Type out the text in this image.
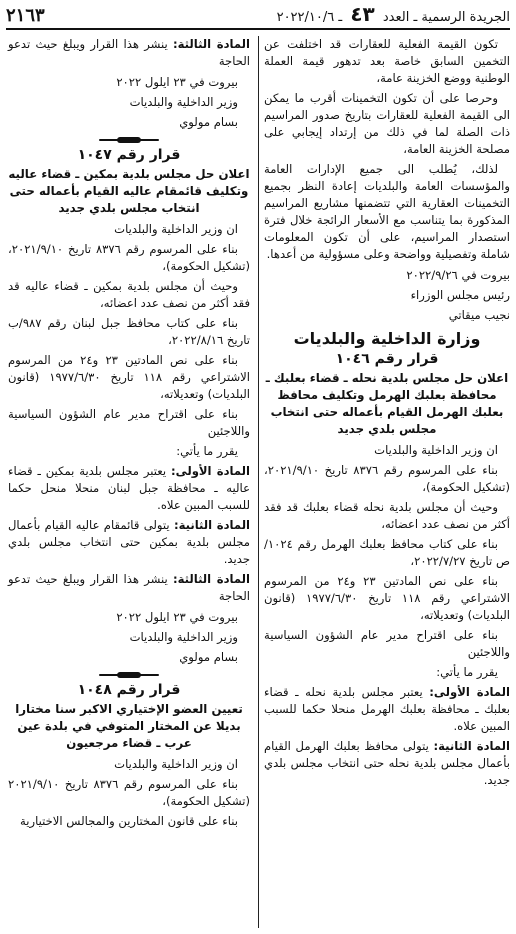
الجريدة الرسمية ـ العدد ٤٣ ـ ٢٠٢٢/١٠/٦
٢١٦٣

تكون القيمة الفعلية للعقارات قد اختلفت عن التخمين السابق خاصة بعد تدهور قيمة العملة الوطنية ووضع الخزينة عامة،

وحرصا على أن تكون التخمينات أقرب ما يمكن الى القيمة الفعلية للعقارات بتاريخ صدور المراسيم ذات الصلة لما في ذلك من إرتداد إيجابي على مصلحة الخزينة العامة،

لذلك، يُطلب الى جميع الإدارات العامة والمؤسسات العامة والبلديات إعادة النظر بجميع التخمينات العقارية التي تتضمنها مشاريع المراسيم المذكورة بما يتناسب مع الأسعار الرائجة خلال فترة استصدار المراسيم، على أن تكون المعلومات شاملة وتفصيلية وواضحة وعلى مسؤولية من أعدها.

بيروت في ٢٠٢٢/٩/٢٦

رئيس مجلس الوزراء

نجيب ميقاتي

وزارة الداخلية والبلديات
قرار رقم ١٠٤٦
اعلان حل مجلس بلدية نحله ـ قضاء بعلبك ـ محافظة بعلبك الهرمل وتكليف محافظ بعلبك الهرمل القيام بأعماله حتى انتخاب مجلس بلدي جديد

ان وزير الداخلية والبلديات

بناء على المرسوم رقم ٨٣٧٦ تاريخ ٢٠٢١/٩/١٠، (تشكيل الحكومة)،

وحيث أن مجلس بلدية نحله قضاء بعلبك قد فقد أكثر من نصف عدد اعضائه،

بناء على كتاب محافظ بعلبك الهرمل رقم ١٠٢٤/ص تاريخ ٢٠٢٢/٧/٢٧،

بناء على نص المادتين ٢٣ و٢٤ من المرسوم الاشتراعي رقم ١١٨ تاريخ ١٩٧٧/٦/٣٠ (قانون البلديات) وتعديلاته،

بناء على اقتراح مدير عام الشؤون السياسية واللاجئين

يقرر ما يأتي:

المادة الأولى: يعتبر مجلس بلدية نحله ـ قضاء بعلبك ـ محافظة بعلبك الهرمل منحلا حكما للسبب المبين علاه.

المادة الثانية: يتولى محافظ بعلبك الهرمل القيام بأعمال مجلس بلدية نحله حتى انتخاب مجلس بلدي جديد.

المادة الثالثة: ينشر هذا القرار ويبلغ حيث تدعو الحاجة

بيروت في ٢٣ ايلول ٢٠٢٢

وزير الداخلية والبلديات

بسام مولوي

قرار رقم ١٠٤٧
اعلان حل مجلس بلدية بمكين ـ قضاء عاليه وتكليف قائمقام عاليه القيام بأعماله حتى انتخاب مجلس بلدي جديد

ان وزير الداخلية والبلديات

بناء على المرسوم رقم ٨٣٧٦ تاريخ ٢٠٢١/٩/١٠، (تشكيل الحكومة)،

وحيث أن مجلس بلدية بمكين ـ قضاء عاليه قد فقد أكثر من نصف عدد اعضائه،

بناء على كتاب محافظ جبل لبنان رقم ٩٨٧/ب تاريخ ٢٠٢٢/٨/١٦،

بناء على نص المادتين ٢٣ و٢٤ من المرسوم الاشتراعي رقم ١١٨ تاريخ ١٩٧٧/٦/٣٠ (قانون البلديات) وتعديلاته،

بناء على اقتراح مدير عام الشؤون السياسية واللاجئين

يقرر ما يأتي:

المادة الأولى: يعتبر مجلس بلدية بمكين ـ قضاء عاليه ـ محافظة جبل لبنان منحلا منحل حكما للسبب المبين علاه.

المادة الثانية: يتولى قائمقام عاليه القيام بأعمال مجلس بلدية بمكين حتى انتخاب مجلس بلدي جديد.

المادة الثالثة: ينشر هذا القرار ويبلغ حيث تدعو الحاجة

بيروت في ٢٣ ايلول ٢٠٢٢

وزير الداخلية والبلديات

بسام مولوي

قرار رقم ١٠٤٨
تعيين العضو الإختياري الاكبر سنا مختارا بديلا عن المختار المتوفي في بلدة عين عرب ـ قضاء مرجعيون

ان وزير الداخلية والبلديات

بناء على المرسوم رقم ٨٣٧٦ تاريخ ٢٠٢١/٩/١٠ (تشكيل الحكومة)،

بناء على قانون المختارين والمجالس الاختيارية
